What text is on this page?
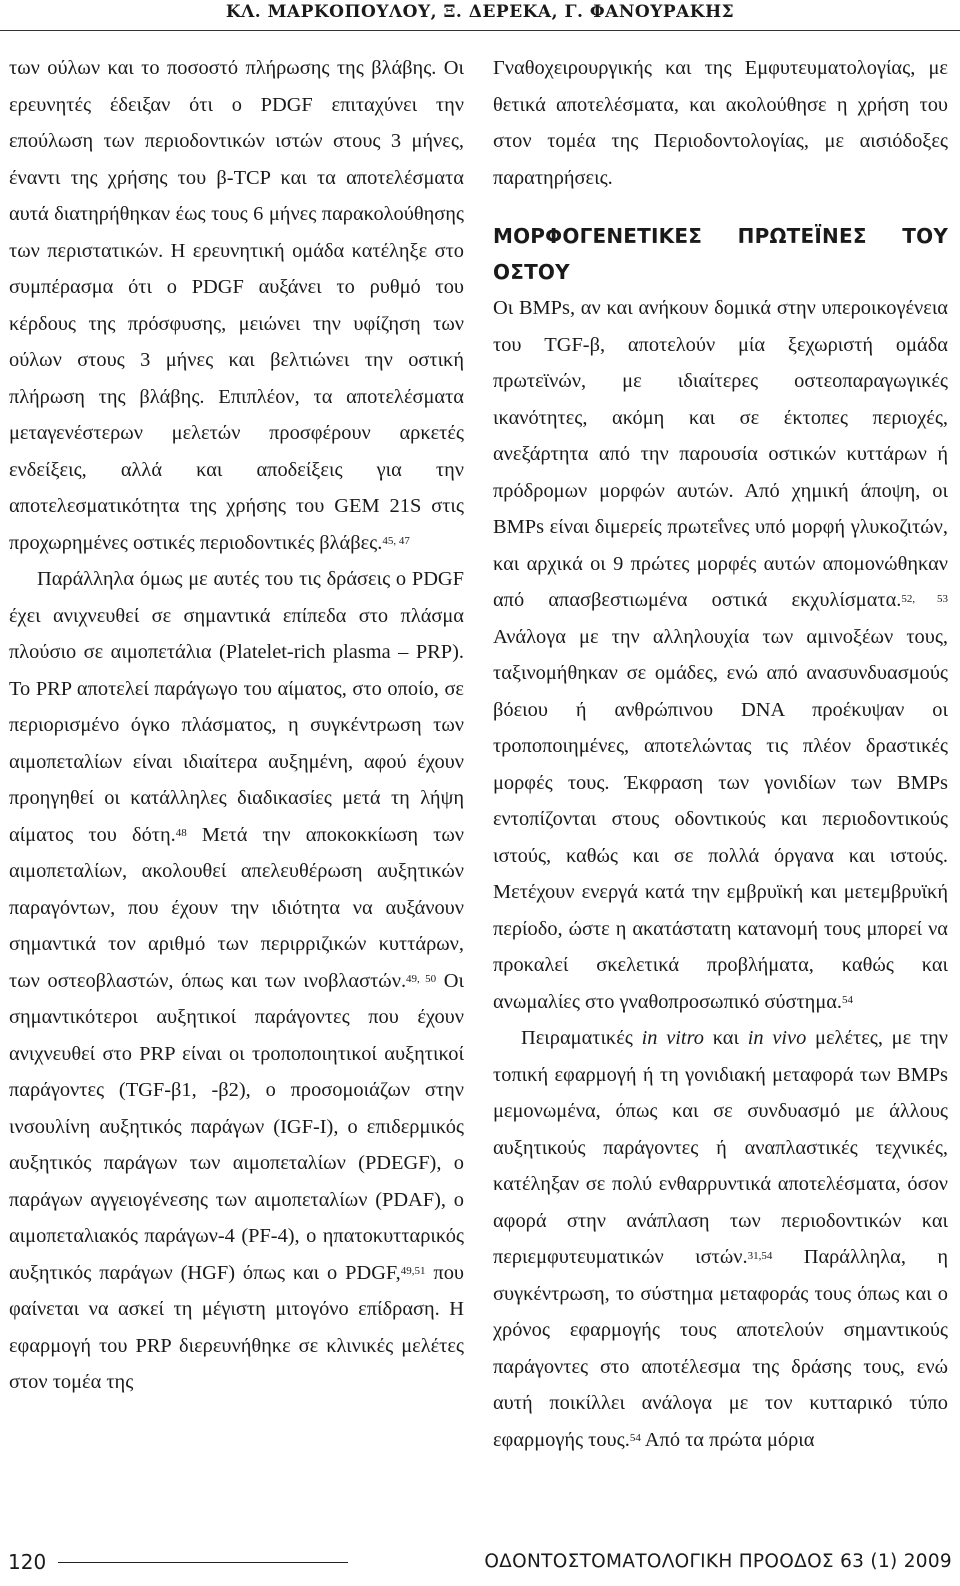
ΚΛ. ΜΑΡΚΟΠΟΥΛΟΥ, Ξ. ΔΕΡΕΚΑ, Γ. ΦΑΝΟΥΡΑΚΗΣ

των ούλων και το ποσοστό πλήρωσης της βλάβης. Οι ερευνητές έδειξαν ότι ο PDGF επιταχύνει την επούλωση των περιοδοντικών ιστών στους 3 μήνες, έναντι της χρήσης του β-TCP και τα αποτελέσματα αυτά διατηρήθηκαν έως τους 6 μήνες παρακολούθησης των περιστατικών. Η ερευνητική ομάδα κατέληξε στο συμπέρασμα ότι ο PDGF αυξάνει το ρυθμό του κέρδους της πρόσφυσης, μειώνει την υφίζηση των ούλων στους 3 μήνες και βελτιώνει την οστική πλήρωση της βλάβης. Επιπλέον, τα αποτελέσματα μεταγενέστερων μελετών προσφέρουν αρκετές ενδείξεις, αλλά και αποδείξεις για την αποτελεσματικότητα της χρήσης του GEM 21S στις προχωρημένες οστικές περιοδοντικές βλάβες.$^{45, 47}$

Παράλληλα όμως με αυτές του τις δράσεις ο PDGF έχει ανιχνευθεί σε σημαντικά επίπεδα στο πλάσμα πλούσιο σε αιμοπετάλια (Platelet-rich plasma – PRP). Το PRP αποτελεί παράγωγο του αίματος, στο οποίο, σε περιορισμένο όγκο πλάσματος, η συγκέντρωση των αιμοπεταλίων είναι ιδιαίτερα αυξημένη, αφού έχουν προηγηθεί οι κατάλληλες διαδικασίες μετά τη λήψη αίματος του δότη.$^{48}$ Μετά την αποκοκκίωση των αιμοπεταλίων, ακολουθεί απελευθέρωση αυξητικών παραγόντων, που έχουν την ιδιότητα να αυξάνουν σημαντικά τον αριθμό των περιρριζικών κυττάρων, των οστεοβλαστών, όπως και των ινοβλαστών.$^{49, 50}$ Οι σημαντικότεροι αυξητικοί παράγοντες που έχουν ανιχνευθεί στο PRP είναι οι τροποποιητικοί αυξητικοί παράγοντες (TGF-β1, -β2), ο προσομοιάζων στην ινσουλίνη αυξητικός παράγων (IGF-I), ο επιδερμικός αυξητικός παράγων των αιμοπεταλίων (PDEGF), ο παράγων αγγειογένεσης των αιμοπεταλίων (PDAF), ο αιμοπεταλιακός παράγων-4 (PF-4), ο ηπατοκυτταρικός αυξητικός παράγων (HGF) όπως και ο PDGF,$^{49,51}$ που φαίνεται να ασκεί τη μέγιστη μιτογόνο επίδραση. Η εφαρμογή του PRP διερευνήθηκε σε κλινικές μελέτες στον τομέα της

Γναθοχειρουργικής και της Εμφυτευματολογίας, με θετικά αποτελέσματα, και ακολούθησε η χρήση του στον τομέα της Περιοδοντολογίας, με αισιόδοξες παρατηρήσεις.

ΜΟΡΦΟΓΕΝΕΤΙΚΕΣ ΠΡΩΤΕΪΝΕΣ ΤΟΥ ΟΣΤΟΥ

Οι BMPs, αν και ανήκουν δομικά στην υπεροικογένεια του TGF-β, αποτελούν μία ξεχωριστή ομάδα πρωτεϊνών, με ιδιαίτερες οστεοπαραγωγικές ικανότητες, ακόμη και σε έκτοπες περιοχές, ανεξάρτητα από την παρουσία οστικών κυττάρων ή πρόδρομων μορφών αυτών. Από χημική άποψη, οι BMPs είναι διμερείς πρωτεΐνες υπό μορφή γλυκοζιτών, και αρχικά οι 9 πρώτες μορφές αυτών απομονώθηκαν από απασβεστιωμένα οστικά εκχυλίσματα.$^{52, 53}$ Ανάλογα με την αλληλουχία των αμινοξέων τους, ταξινομήθηκαν σε ομάδες, ενώ από ανασυνδυασμούς βόειου ή ανθρώπινου DNA προέκυψαν οι τροποποιημένες, αποτελώντας τις πλέον δραστικές μορφές τους. Έκφραση των γονιδίων των BMPs εντοπίζονται στους οδοντικούς και περιοδοντικούς ιστούς, καθώς και σε πολλά όργανα και ιστούς. Μετέχουν ενεργά κατά την εμβρυϊκή και μετεμβρυϊκή περίοδο, ώστε η ακατάστατη κατανομή τους μπορεί να προκαλεί σκελετικά προβλήματα, καθώς και ανωμαλίες στο γναθοπροσωπικό σύστημα.$^{54}$

Πειραματικές in vitro και in vivo μελέτες, με την τοπική εφαρμογή ή τη γονιδιακή μεταφορά των BMPs μεμονωμένα, όπως και σε συνδυασμό με άλλους αυξητικούς παράγοντες ή αναπλαστικές τεχνικές, κατέληξαν σε πολύ ενθαρρυντικά αποτελέσματα, όσον αφορά στην ανάπλαση των περιοδοντικών και περιεμφυτευματικών ιστών.$^{31,54}$ Παράλληλα, η συγκέντρωση, το σύστημα μεταφοράς τους όπως και ο χρόνος εφαρμογής τους αποτελούν σημαντικούς παράγοντες στο αποτέλεσμα της δράσης τους, ενώ αυτή ποικίλλει ανάλογα με τον κυτταρικό τύπο εφαρμογής τους.$^{54}$ Από τα πρώτα μόρια

120	ΟΔΟΝΤΟΣΤΟΜΑΤΟΛΟΓΙΚΗ ΠΡΟΟΔΟΣ 63 (1) 2009
